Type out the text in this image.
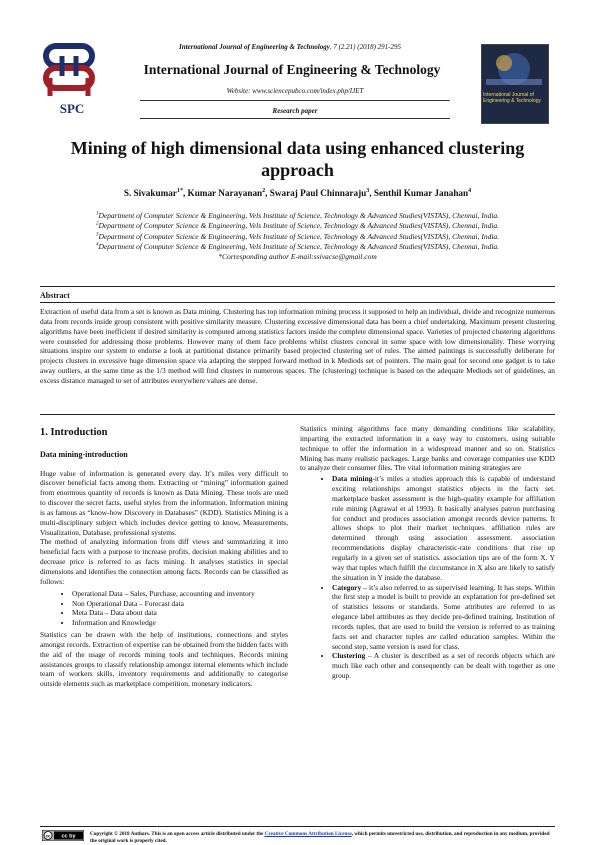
International Journal of Engineering & Technology, 7 (2.21) (2018) 291-295
International Journal of Engineering & Technology
Website: www.sciencepubco.com/index.php/IJET
Research paper
SPC
International Journal of Engineering & Technology
Mining of high dimensional data using enhanced clustering approach
S. Sivakumar$^{1*}$, Kumar Narayanan$^2$, Swaraj Paul Chinnaraju$^3$, Senthil Kumar Janahan$^4$
$^1$Department of Computer Science & Engineering, Vels Institute of Science, Technology & Advanced Studies(VISTAS), Chennai, India.
$^2$Department of Computer Science & Engineering, Vels Institute of Science, Technology & Advanced Studies(VISTAS), Chennai, India.
$^3$Department of Computer Science & Engineering, Vels Institute of Science, Technology & Advanced Studies(VISTAS), Chennai, India.
$^4$Department of Computer Science & Engineering, Vels Institute of Science, Technology & Advanced Studies(VISTAS), Chennai, India.
*Corresponding author E-mail:ssivacse@gmail.com
Abstract
Extraction of useful data from a set is known as Data mining. Clustering has top information mining process it supposed to help an individual, divide and recognize numerous data from records inside group consistent with positive similarity measure. Clustering excessive dimensional data has been a chief undertaking. Maximum present clustering algorithms have been inefficient if desired similarity is computed among statistics factors inside the complete dimensional space. Varieties of projected clustering algorithms were counseled for addressing those problems. However many of them face problems whilst clusters conceal in some space with low dimensionality. These worrying situations inspire our system to endorse a look at partitional distance primarily based projected clustering set of rules. The aimed paintings is successfully deliberate for projects clusters in excessive huge dimension space via adapting the stepped forward method in k Mediods set of pointers. The main goal for second one gadget is to take away outliers, at the same time as the 1/3 method will find clusters in numerous spaces. The (clustering) technique is based on the adequate Mediods set of guidelines, an excess distance managed to set of attributes everywhere values are dense.
1. Introduction
Data mining-introduction

Huge value of information is generated every day. It’s miles very difficult to discover beneficial facts among them. Extracting or “mining” information gained from enormous quantity of records is known as Data Mining. These tools are used to discover the secret facts, useful styles from the information. Information mining is as famous as “know-how Discovery in Databases” (KDD). Statistics Mining is a multi-disciplinary subject which includes device getting to know, Measurements, Visualization, Database, professional systems.

The method of analyzing information from diff views and summarizing it into beneficial facts with a purpose to increase profits, decision making abilities and to decrease price is referred to as facts mining. It analyses statistics in special dimensions and identifies the connection among facts. Records can be classified as follows:

• Operational Data – Sales, Purchase, accounting and inventory
• Non Operational Data – Forecast data
• Meta Data – Data about data
• Information and Knowledge

Statistics can be drawn with the help of institutions, connections and styles amongst records. Extraction of expertise can be obtained from the hidden facts with the aid of the usage of records mining tools and techniques. Records mining assistances groups to classify relationship amongst internal elements which include team of workers skills, inventory requirements and additionally to categorise outside elements such as marketplace competition, monetary indicators.

Statistics mining algorithms face many demanding conditions like scalability, imparting the extracted information in a easy way to customers, using suitable technique to offer the information in a widespread manner and so on. Statistics Mining has many realistic packages. Large banks and coverage companies use KDD to analyze their consumer files. The vital information mining strategies are

• Data mining-it’s miles a studies approach this is capable of understand exciting relationships amongst statistics objects in the facts set. marketplace basket assessment is the high-quality example for affiliation rule mining (Agrawal et al 1993). It basically analyses patron purchasing for conduct and produces association amongst records device patterns. It allows shops to plot their market techniques. affiliation rules are determined through using association assessment. association recommendations display characteristic-rate conditions that rise up regularly in a given set of statistics. association tips are of the form X. Y way that tuples which fulfill the circumstance in X also are likely to satisfy the situation in Y inside the database.
• Category – it’s also referred to as supervised learning. It has steps. Within the first step a model is built to provide an explanation for pre-defined set of statistics lessons or standards. Some attributes are referred to as elegance label attributes as they decide pre-defined training. Institution of records tuples, that are used to build the version is referred to as training facts set and character tuples are called education samples. Within the second step, same version is used for class.
• Clustering – A cluster is described as a set of records objects which are much like each other and consequently can be dealt with together as one group.
cc cc by	Copyright © 2018 Authors. This is an open access article distributed under the Creative Commons Attribution License, which permits unrestricted use, distribution, and reproduction in any medium, provided the original work is properly cited.
